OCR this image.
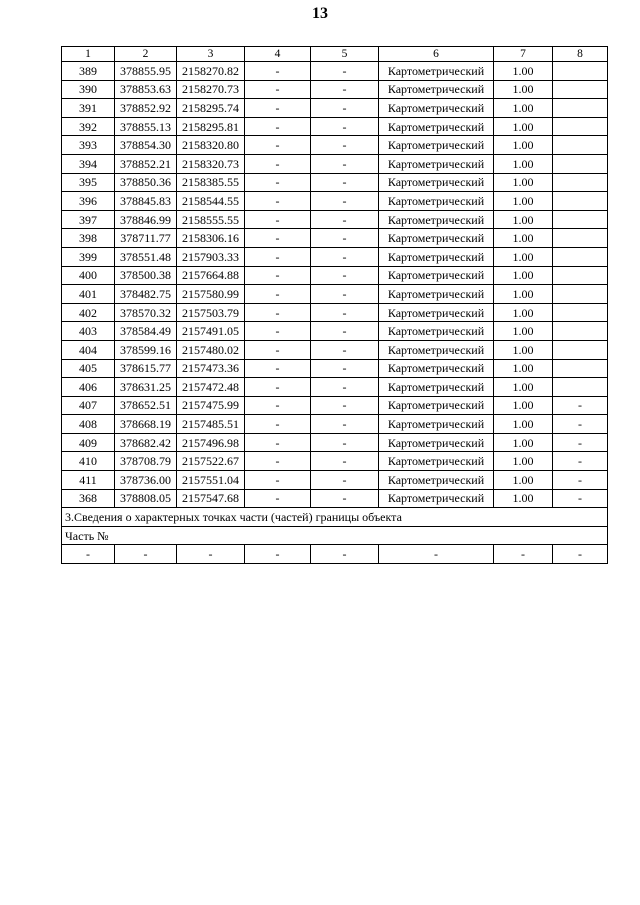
13
1	2	3	4	5	6	7	8
389	378855.95	2158270.82	-	-	Картометрический	1.00	
390	378853.63	2158270.73	-	-	Картометрический	1.00	
391	378852.92	2158295.74	-	-	Картометрический	1.00	
392	378855.13	2158295.81	-	-	Картометрический	1.00	
393	378854.30	2158320.80	-	-	Картометрический	1.00	
394	378852.21	2158320.73	-	-	Картометрический	1.00	
395	378850.36	2158385.55	-	-	Картометрический	1.00	
396	378845.83	2158544.55	-	-	Картометрический	1.00	
397	378846.99	2158555.55	-	-	Картометрический	1.00	
398	378711.77	2158306.16	-	-	Картометрический	1.00	
399	378551.48	2157903.33	-	-	Картометрический	1.00	
400	378500.38	2157664.88	-	-	Картометрический	1.00	
401	378482.75	2157580.99	-	-	Картометрический	1.00	
402	378570.32	2157503.79	-	-	Картометрический	1.00	
403	378584.49	2157491.05	-	-	Картометрический	1.00	
404	378599.16	2157480.02	-	-	Картометрический	1.00	
405	378615.77	2157473.36	-	-	Картометрический	1.00	
406	378631.25	2157472.48	-	-	Картометрический	1.00	
407	378652.51	2157475.99	-	-	Картометрический	1.00	-
408	378668.19	2157485.51	-	-	Картометрический	1.00	-
409	378682.42	2157496.98	-	-	Картометрический	1.00	-
410	378708.79	2157522.67	-	-	Картометрический	1.00	-
411	378736.00	2157551.04	-	-	Картометрический	1.00	-
368	378808.05	2157547.68	-	-	Картометрический	1.00	-
3.Сведения о характерных точках части (частей) границы объекта							
Часть №							
-	-	-	-	-	-	-	-
